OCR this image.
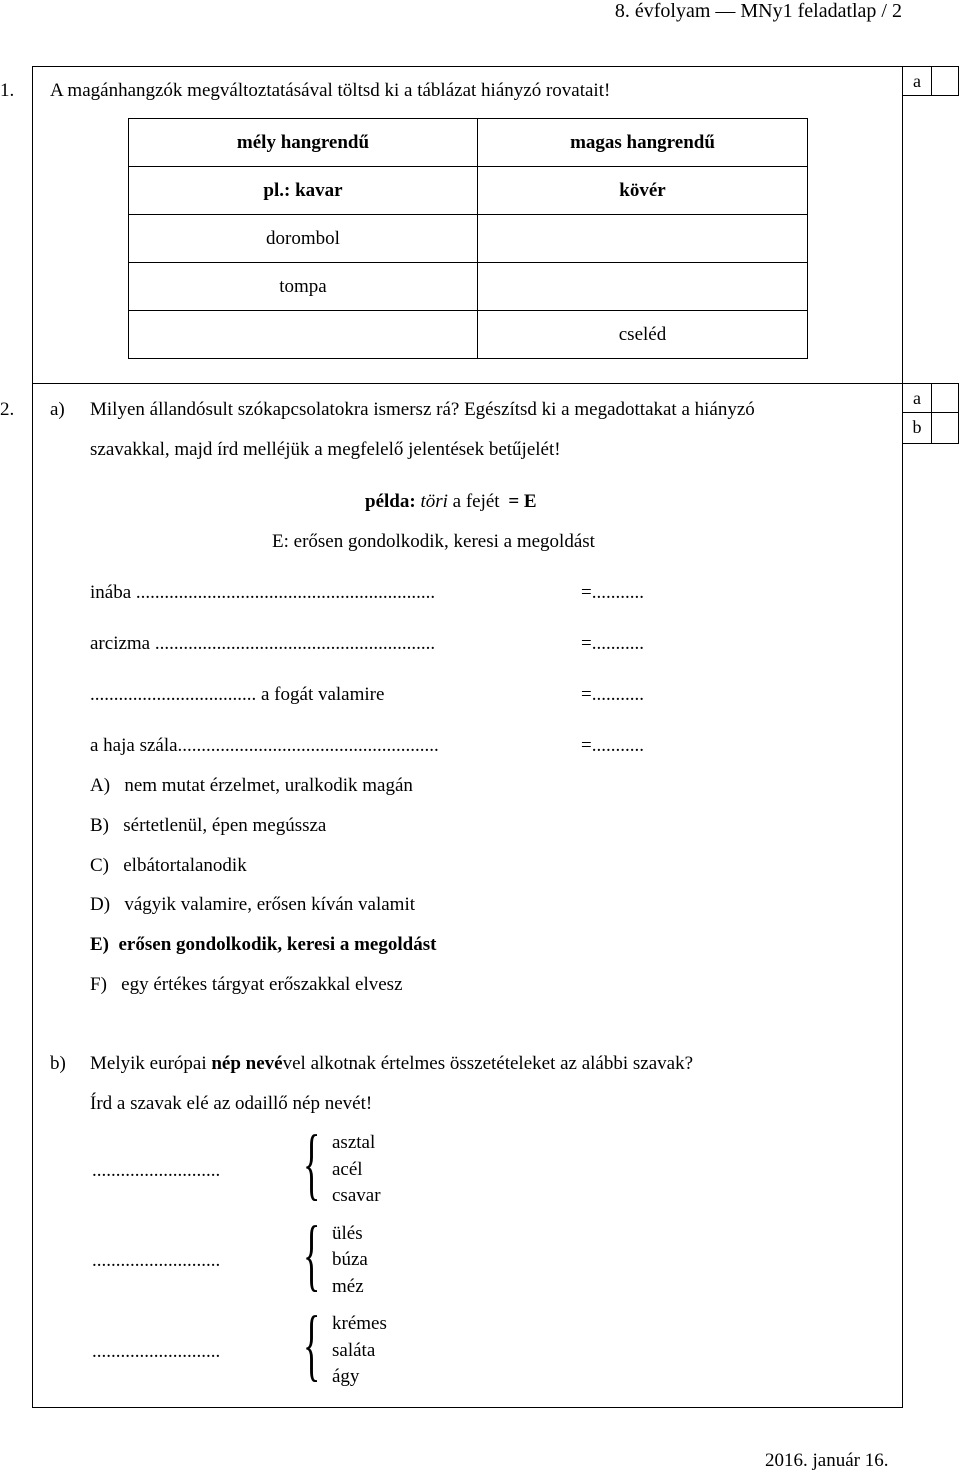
8. évfolyam — MNy1 feladatlap / 2
a
1. A magánhangzók megváltoztatásával töltsd ki a táblázat hiányzó rovatait!
mély hangrendű	magas hangrendű
pl.: kavar	kövér
dorombol	
tompa	
	cseléd
a
b
2. a) Milyen állandósult szókapcsolatokra ismersz rá? Egészítsd ki a megadottakat a hiányzó
szavakkal, majd írd melléjük a megfelelő jelentések betűjelét!
példa: töri a fejét = E
E: erősen gondolkodik, keresi a megoldást
inába ...............................................................	=...........
arcizma ...........................................................	=...........
................................... a fogát valamire	=...........
a haja szála.......................................................	=...........
A) nem mutat érzelmet, uralkodik magán
B) sértetlenül, épen megússza
C) elbátortalanodik
D) vágyik valamire, erősen kíván valamit
E) erősen gondolkodik, keresi a megoldást
F) egy értékes tárgyat erőszakkal elvesz
b) Melyik európai nép nevével alkotnak értelmes összetételeket az alábbi szavak?
Írd a szavak elé az odaillő nép nevét!
........................... { asztal
acél
csavar
........................... { ülés
búza
méz
........................... { krémes
saláta
ágy
2016. január 16.
